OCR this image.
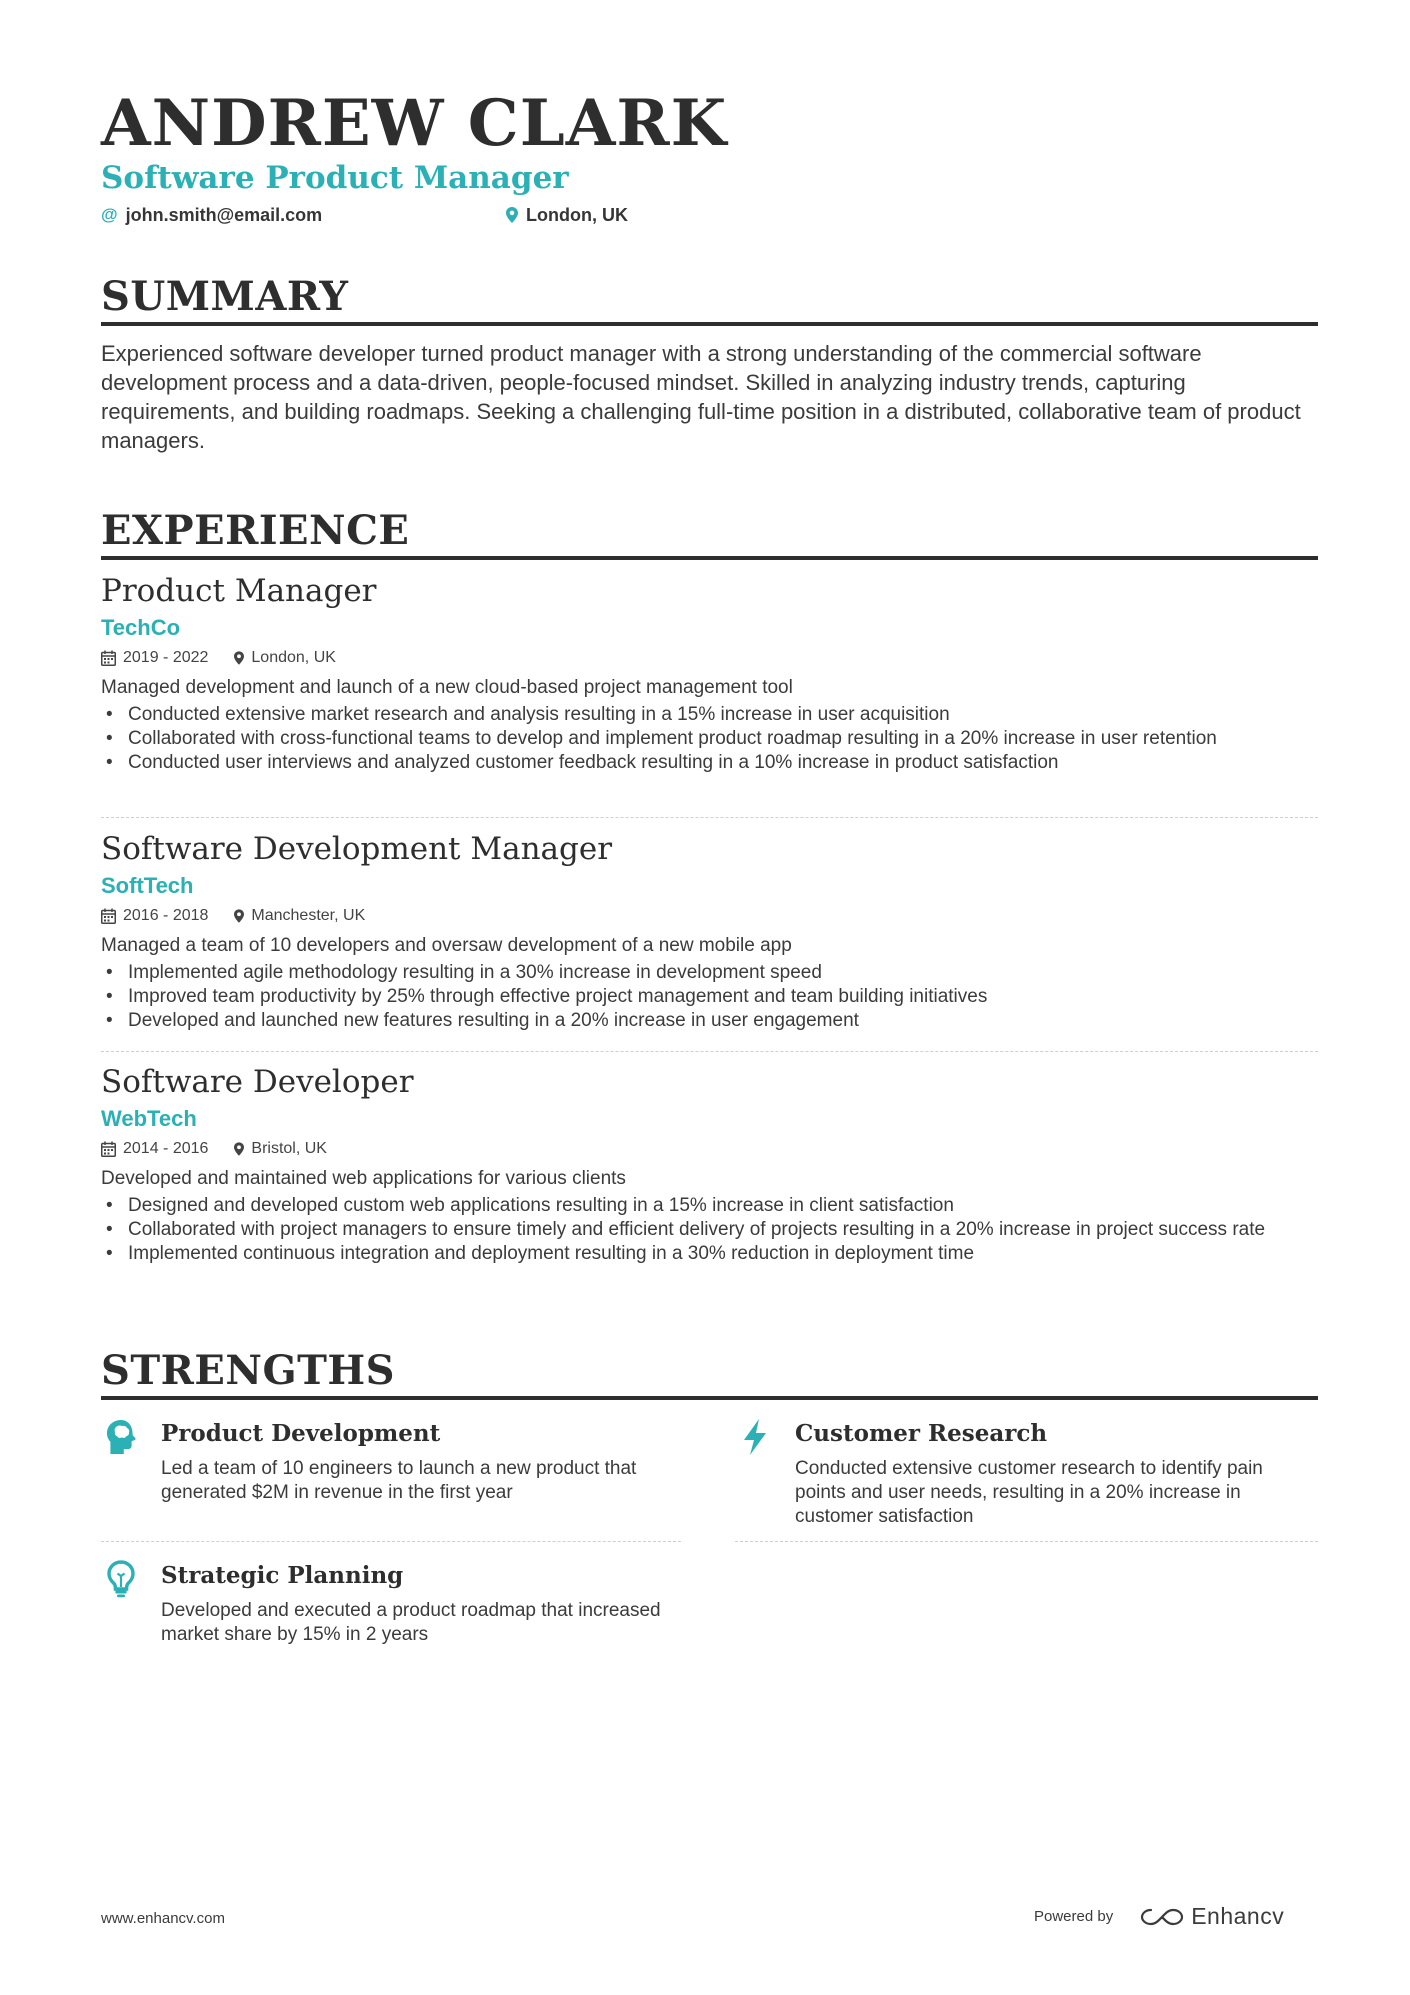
ANDREW CLARK
Software Product Manager
@ john.smith@email.com	London, UK
SUMMARY
Experienced software developer turned product manager with a strong understanding of the commercial software development process and a data-driven, people-focused mindset. Skilled in analyzing industry trends, capturing requirements, and building roadmaps. Seeking a challenging full-time position in a distributed, collaborative team of product managers.
EXPERIENCE
Product Manager
TechCo
2019 - 2022	London, UK
Managed development and launch of a new cloud-based project management tool
• Conducted extensive market research and analysis resulting in a 15% increase in user acquisition
• Collaborated with cross-functional teams to develop and implement product roadmap resulting in a 20% increase in user retention
• Conducted user interviews and analyzed customer feedback resulting in a 10% increase in product satisfaction
Software Development Manager
SoftTech
2016 - 2018	Manchester, UK
Managed a team of 10 developers and oversaw development of a new mobile app
• Implemented agile methodology resulting in a 30% increase in development speed
• Improved team productivity by 25% through effective project management and team building initiatives
• Developed and launched new features resulting in a 20% increase in user engagement
Software Developer
WebTech
2014 - 2016	Bristol, UK
Developed and maintained web applications for various clients
• Designed and developed custom web applications resulting in a 15% increase in client satisfaction
• Collaborated with project managers to ensure timely and efficient delivery of projects resulting in a 20% increase in project success rate
• Implemented continuous integration and deployment resulting in a 30% reduction in deployment time
STRENGTHS
Product Development
Led a team of 10 engineers to launch a new product that generated $2M in revenue in the first year
Customer Research
Conducted extensive customer research to identify pain points and user needs, resulting in a 20% increase in customer satisfaction
Strategic Planning
Developed and executed a product roadmap that increased market share by 15% in 2 years
www.enhancv.com	Powered by	Enhancv
